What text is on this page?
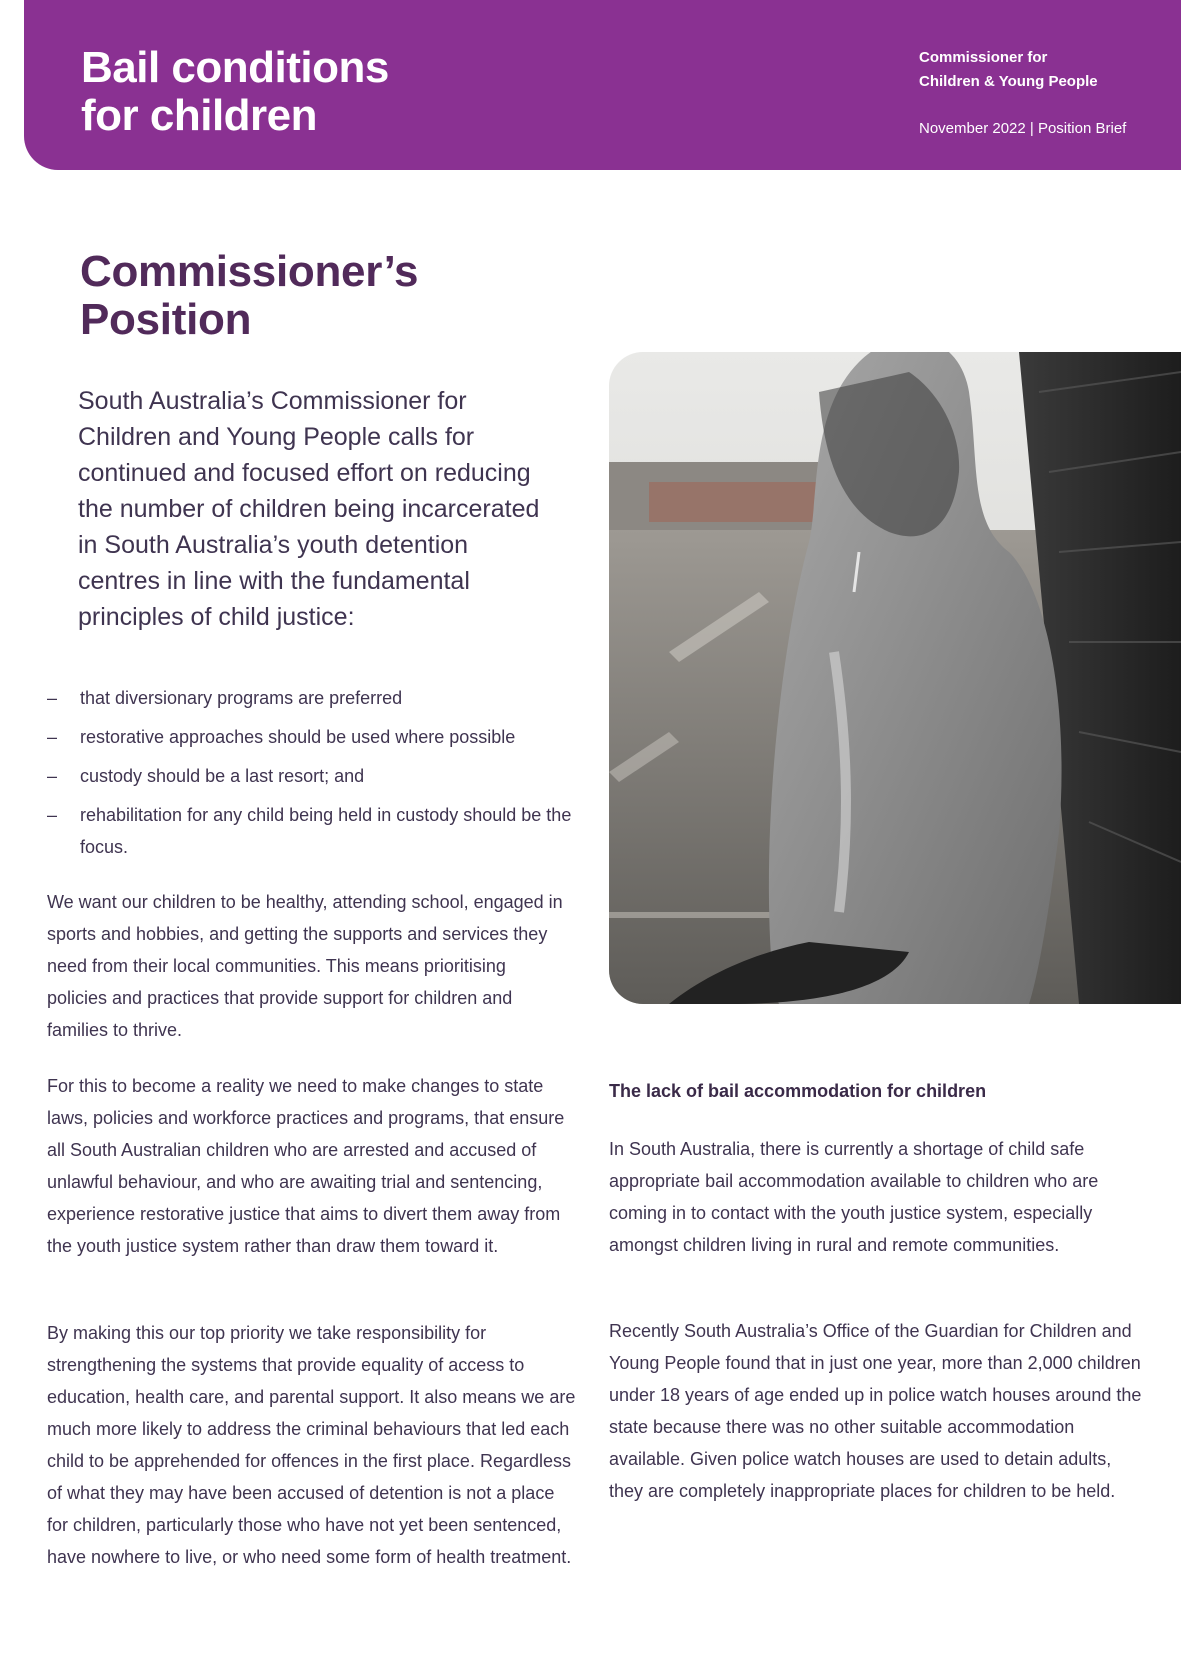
Bail conditions
for children
Commissioner for
Children & Young People
November 2022 | Position Brief
Commissioner’s
Position

South Australia’s Commissioner for Children and Young People calls for continued and focused effort on reducing the number of children being incarcerated in South Australia’s youth detention centres in line with the fundamental principles of child justice:

– that diversionary programs are preferred
– restorative approaches should be used where possible
– custody should be a last resort; and
– rehabilitation for any child being held in custody should be the focus.

We want our children to be healthy, attending school, engaged in sports and hobbies, and getting the supports and services they need from their local communities. This means prioritising policies and practices that provide support for children and families to thrive.

For this to become a reality we need to make changes to state laws, policies and workforce practices and programs, that ensure all South Australian children who are arrested and accused of unlawful behaviour, and who are awaiting trial and sentencing, experience restorative justice that aims to divert them away from the youth justice system rather than draw them toward it.

By making this our top priority we take responsibility for strengthening the systems that provide equality of access to education, health care, and parental support. It also means we are much more likely to address the criminal behaviours that led each child to be apprehended for offences in the first place. Regardless of what they may have been accused of detention is not a place for children, particularly those who have not yet been sentenced, have nowhere to live, or who need some form of health treatment.

The lack of bail accommodation for children

In South Australia, there is currently a shortage of child safe appropriate bail accommodation available to children who are coming in to contact with the youth justice system, especially amongst children living in rural and remote communities.

Recently South Australia’s Office of the Guardian for Children and Young People found that in just one year, more than 2,000 children under 18 years of age ended up in police watch houses around the state because there was no other suitable accommodation available. Given police watch houses are used to detain adults, they are completely inappropriate places for children to be held.
